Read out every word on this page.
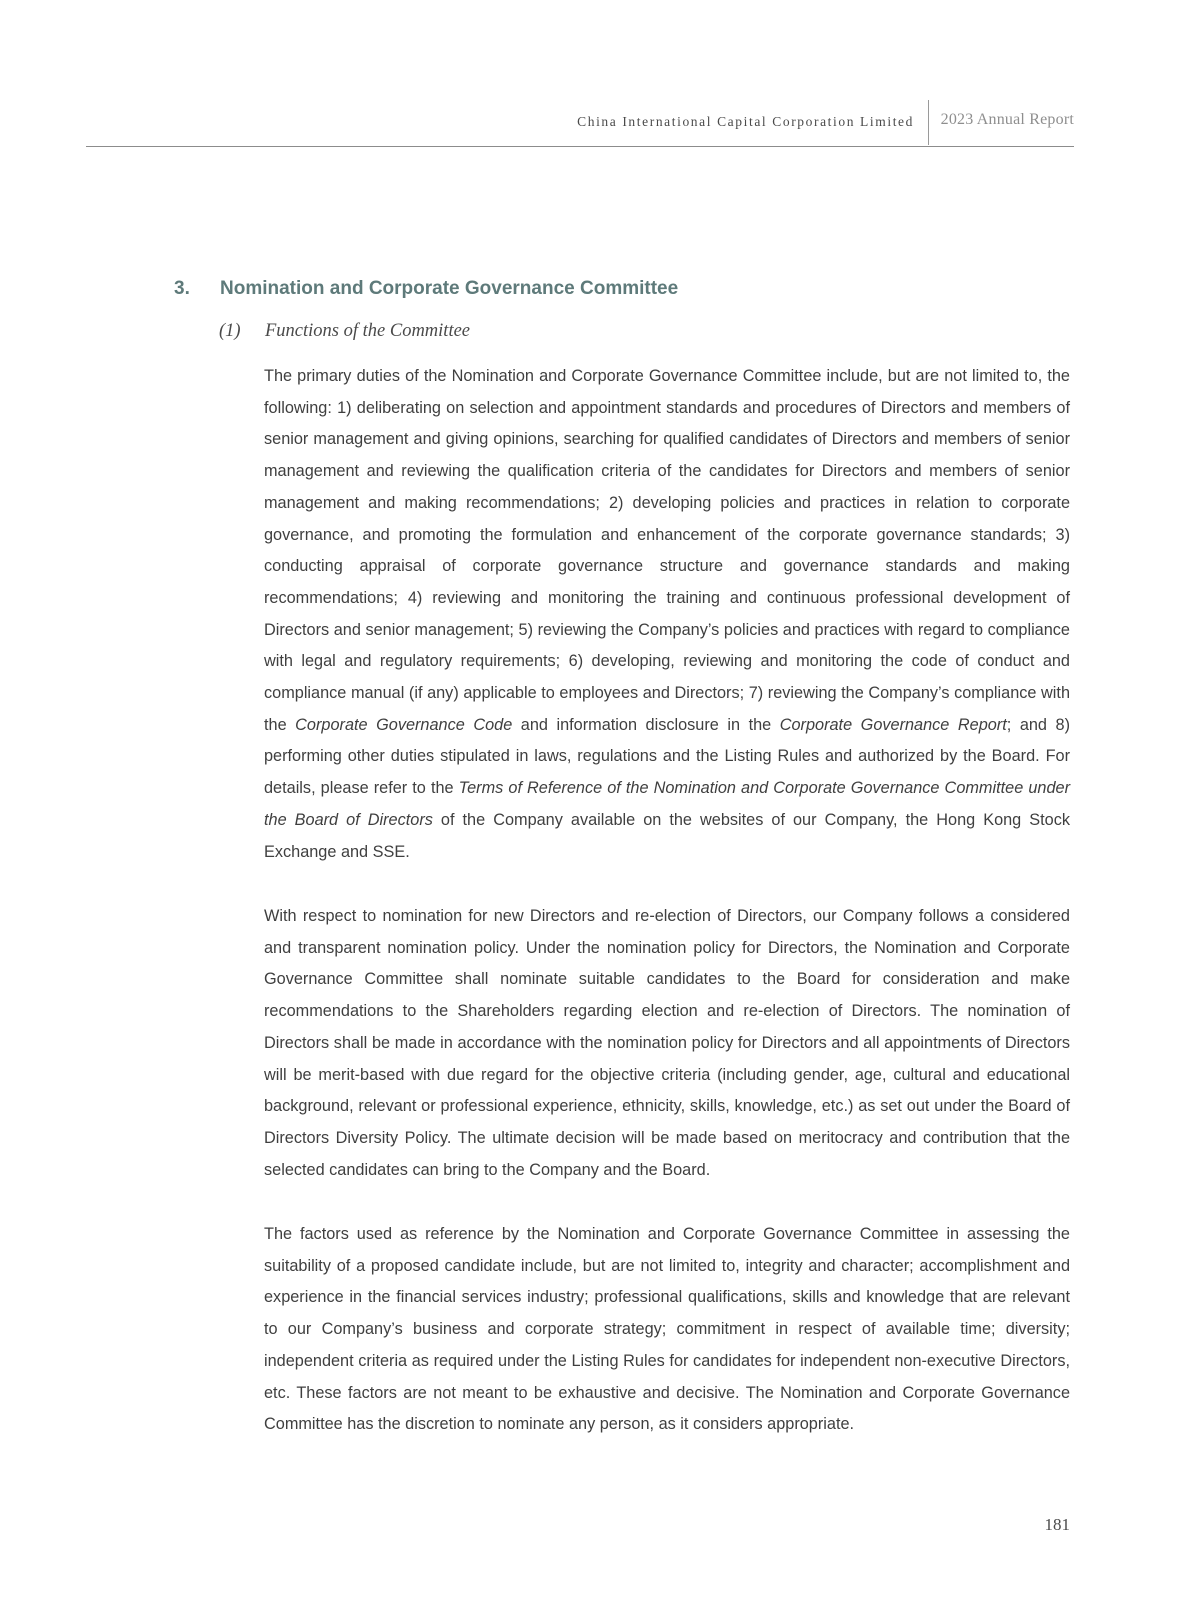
China International Capital Corporation Limited 2023 Annual Report
3. Nomination and Corporate Governance Committee
(1) Functions of the Committee

The primary duties of the Nomination and Corporate Governance Committee include, but are not limited to, the following: 1) deliberating on selection and appointment standards and procedures of Directors and members of senior management and giving opinions, searching for qualified candidates of Directors and members of senior management and reviewing the qualification criteria of the candidates for Directors and members of senior management and making recommendations; 2) developing policies and practices in relation to corporate governance, and promoting the formulation and enhancement of the corporate governance standards; 3) conducting appraisal of corporate governance structure and governance standards and making recommendations; 4) reviewing and monitoring the training and continuous professional development of Directors and senior management; 5) reviewing the Company’s policies and practices with regard to compliance with legal and regulatory requirements; 6) developing, reviewing and monitoring the code of conduct and compliance manual (if any) applicable to employees and Directors; 7) reviewing the Company’s compliance with the Corporate Governance Code and information disclosure in the Corporate Governance Report; and 8) performing other duties stipulated in laws, regulations and the Listing Rules and authorized by the Board. For details, please refer to the Terms of Reference of the Nomination and Corporate Governance Committee under the Board of Directors of the Company available on the websites of our Company, the Hong Kong Stock Exchange and SSE.

With respect to nomination for new Directors and re-election of Directors, our Company follows a considered and transparent nomination policy. Under the nomination policy for Directors, the Nomination and Corporate Governance Committee shall nominate suitable candidates to the Board for consideration and make recommendations to the Shareholders regarding election and re-election of Directors. The nomination of Directors shall be made in accordance with the nomination policy for Directors and all appointments of Directors will be merit-based with due regard for the objective criteria (including gender, age, cultural and educational background, relevant or professional experience, ethnicity, skills, knowledge, etc.) as set out under the Board of Directors Diversity Policy. The ultimate decision will be made based on meritocracy and contribution that the selected candidates can bring to the Company and the Board.

The factors used as reference by the Nomination and Corporate Governance Committee in assessing the suitability of a proposed candidate include, but are not limited to, integrity and character; accomplishment and experience in the financial services industry; professional qualifications, skills and knowledge that are relevant to our Company’s business and corporate strategy; commitment in respect of available time; diversity; independent criteria as required under the Listing Rules for candidates for independent non-executive Directors, etc. These factors are not meant to be exhaustive and decisive. The Nomination and Corporate Governance Committee has the discretion to nominate any person, as it considers appropriate.

181
